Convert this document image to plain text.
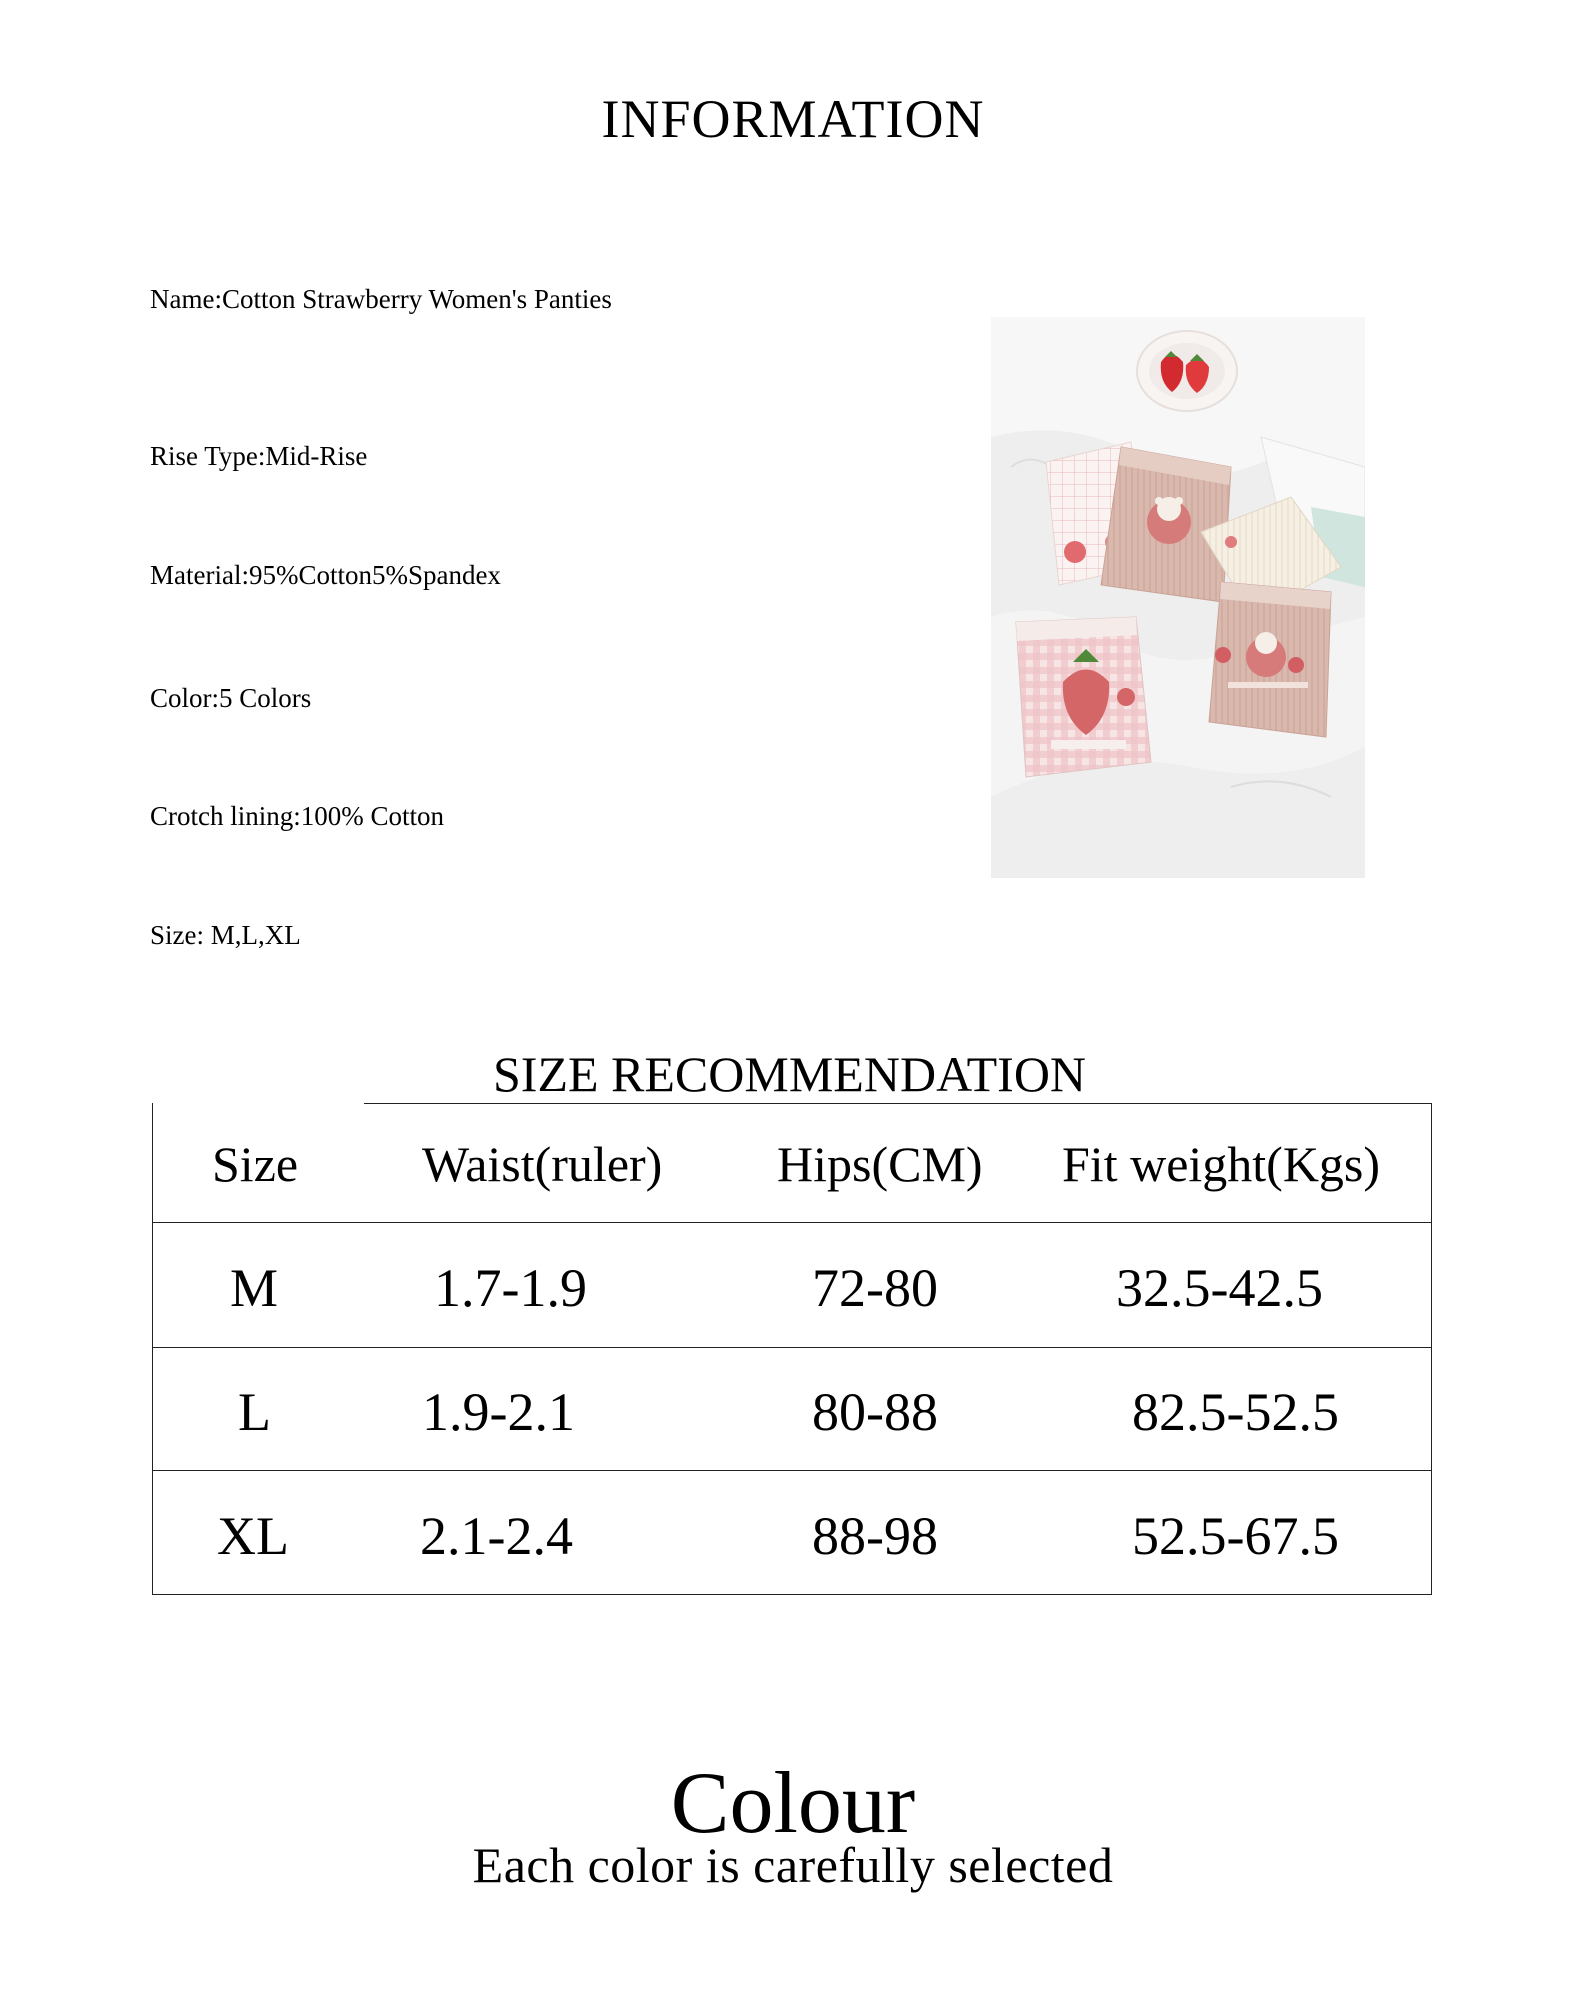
INFORMATION
Name:Cotton Strawberry Women's Panties
Rise Type:Mid-Rise
Material:95%Cotton5%Spandex
Color:5 Colors
Crotch lining:100% Cotton
Size: M,L,XL
SIZE RECOMMENDATION
Size Waist(ruler) Hips(CM) Fit weight(Kgs)
M	1.7-1.9	72-80	32.5-42.5
L	1.9-2.1	80-88	82.5-52.5
XL 2.1-2.4	88-98	52.5-67.5
Colour
Each color is carefully selected
